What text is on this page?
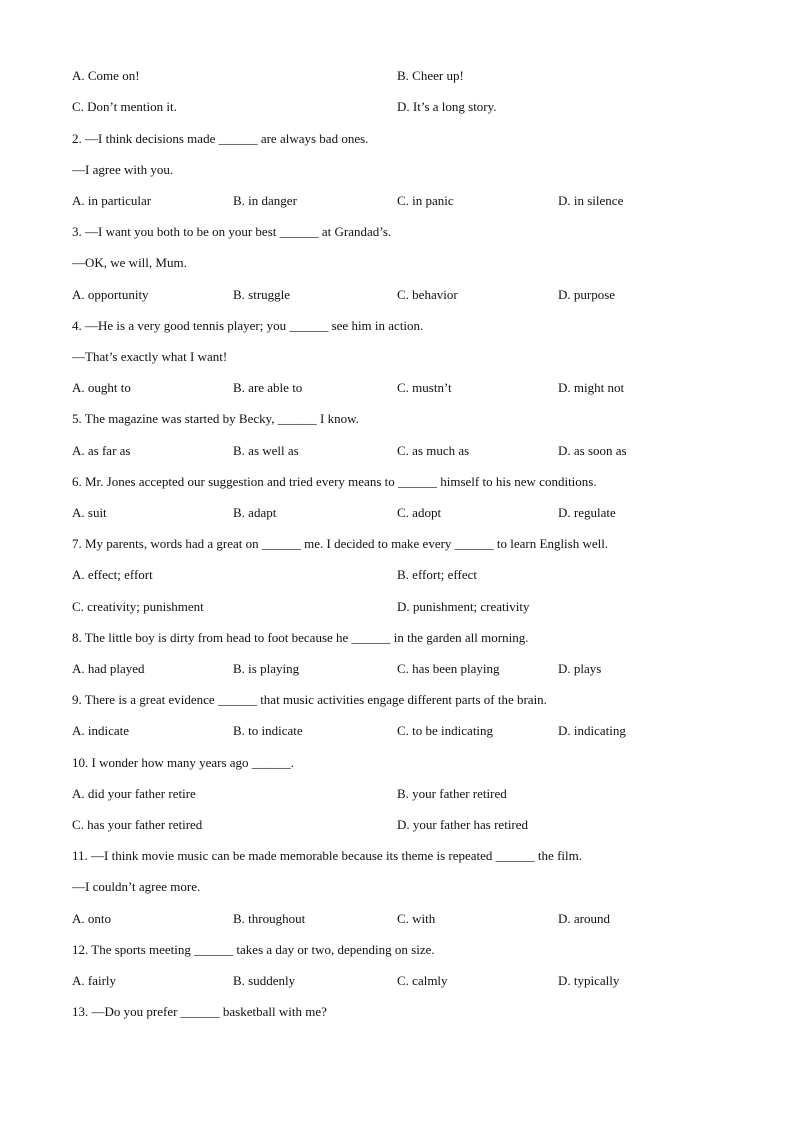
A. Come on!	B. Cheer up!
C. Don’t mention it.	D. It’s a long story.
2. —I think decisions made ______ are always bad ones.
—I agree with you.
A. in particular	B. in danger	C. in panic	D. in silence
3. —I want you both to be on your best ______ at Grandad’s.
—OK, we will, Mum.
A. opportunity	B. struggle	C. behavior	D. purpose
4. —He is a very good tennis player; you ______ see him in action.
—That’s exactly what I want!
A. ought to	B. are able to	C. mustn’t	D. might not
5. The magazine was started by Becky, ______ I know.
A. as far as	B. as well as	C. as much as	D. as soon as
6. Mr. Jones accepted our suggestion and tried every means to ______ himself to his new conditions.
A. suit	B. adapt	C. adopt	D. regulate
7. My parents, words had a great on ______ me. I decided to make every ______ to learn English well.
A. effect; effort	B. effort; effect
C. creativity; punishment	D. punishment; creativity
8. The little boy is dirty from head to foot because he ______ in the garden all morning.
A. had played	B. is playing	C. has been playing	D. plays
9. There is a great evidence ______ that music activities engage different parts of the brain.
A. indicate	B. to indicate	C. to be indicating	D. indicating
10. I wonder how many years ago ______.
A. did your father retire	B. your father retired
C. has your father retired	D. your father has retired
11. —I think movie music can be made memorable because its theme is repeated ______ the film.
—I couldn’t agree more.
A. onto	B. throughout	C. with	D. around
12. The sports meeting ______ takes a day or two, depending on size.
A. fairly	B. suddenly	C. calmly	D. typically
13. —Do you prefer ______ basketball with me?
